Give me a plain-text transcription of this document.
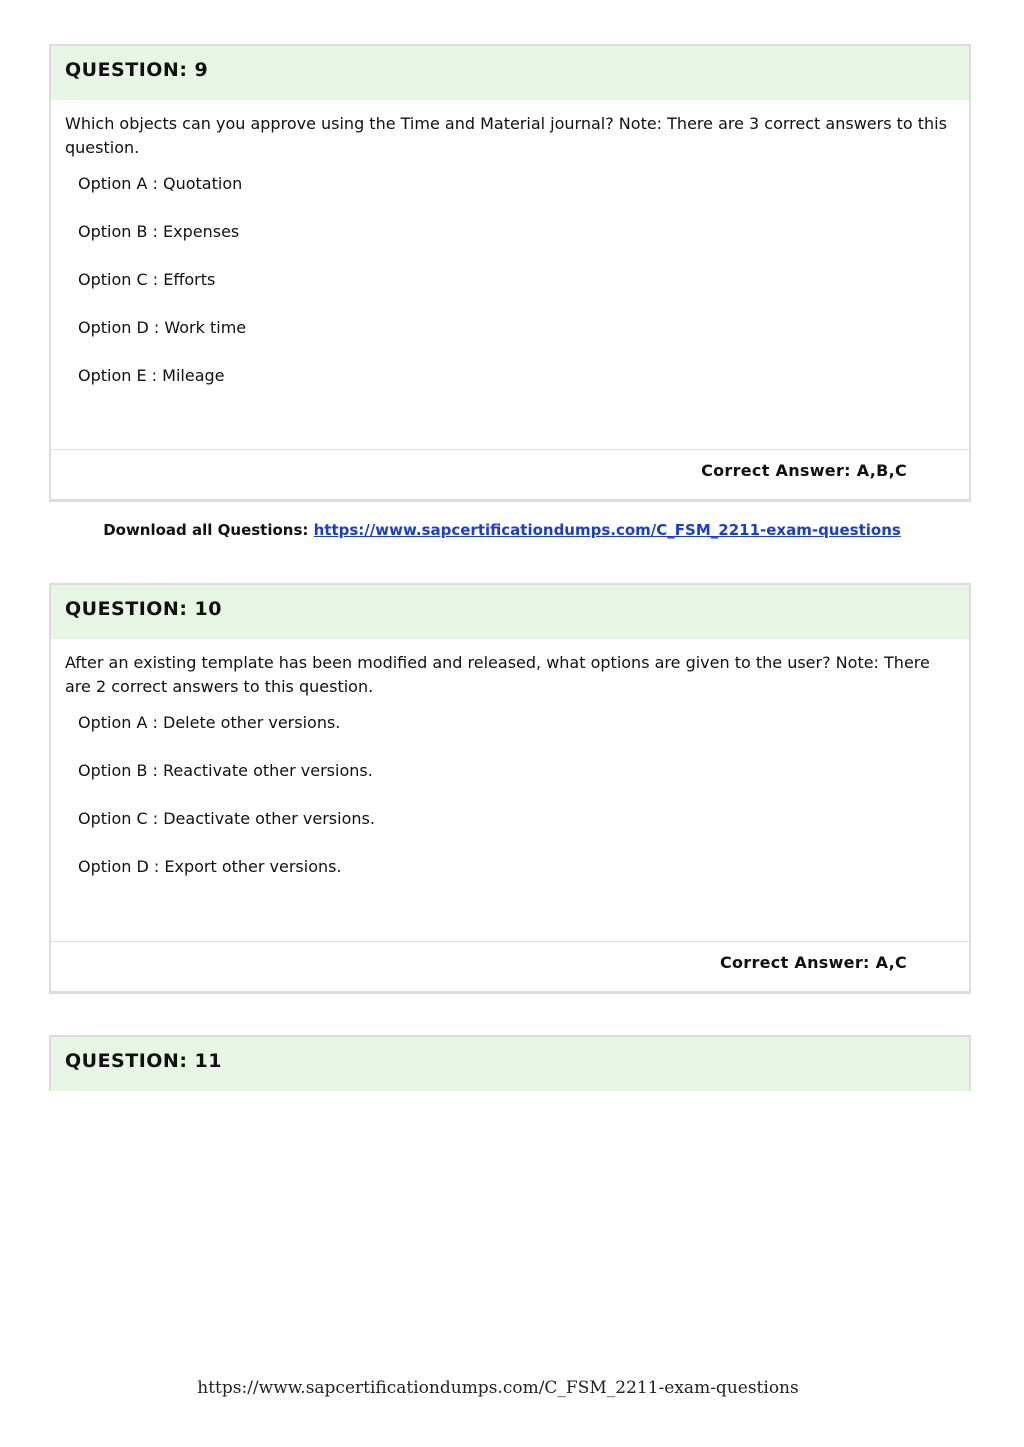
QUESTION: 9

Which objects can you approve using the Time and Material journal? Note: There are 3 correct answers to this question.

Option A : Quotation
Option B : Expenses
Option C : Efforts
Option D : Work time
Option E : Mileage
Correct Answer: A,B,C
Download all Questions: https://www.sapcertificationdumps.com/C_FSM_2211-exam-questions
QUESTION: 10

After an existing template has been modified and released, what options are given to the user? Note: There are 2 correct answers to this question.

Option A : Delete other versions.
Option B : Reactivate other versions.
Option C : Deactivate other versions.
Option D : Export other versions.
Correct Answer: A,C
QUESTION: 11
https://www.sapcertificationdumps.com/C_FSM_2211-exam-questions
